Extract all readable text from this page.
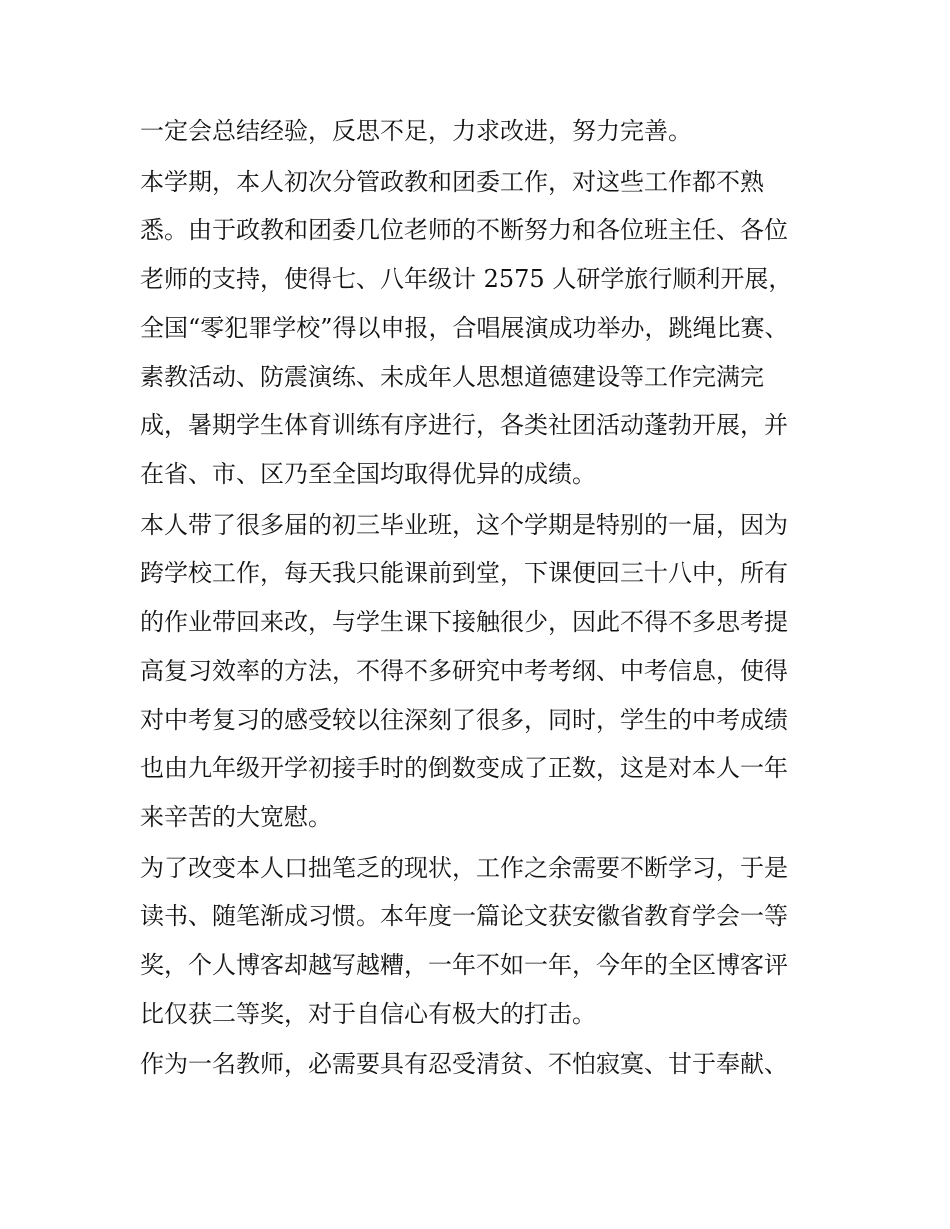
一定会总结经验，反思不足，力求改进，努力完善。
本学期，本人初次分管政教和团委工作，对这些工作都不熟
悉。由于政教和团委几位老师的不断努力和各位班主任、各位
老师的支持，使得七、八年级计 2575 人研学旅行顺利开展，
全国“零犯罪学校”得以申报，合唱展演成功举办，跳绳比赛、
素教活动、防震演练、未成年人思想道德建设等工作完满完
成，暑期学生体育训练有序进行，各类社团活动蓬勃开展，并
在省、市、区乃至全国均取得优异的成绩。
本人带了很多届的初三毕业班，这个学期是特别的一届，因为
跨学校工作，每天我只能课前到堂，下课便回三十八中，所有
的作业带回来改，与学生课下接触很少，因此不得不多思考提
高复习效率的方法，不得不多研究中考考纲、中考信息，使得
对中考复习的感受较以往深刻了很多，同时，学生的中考成绩
也由九年级开学初接手时的倒数变成了正数，这是对本人一年
来辛苦的大宽慰。
为了改变本人口拙笔乏的现状，工作之余需要不断学习，于是
读书、随笔渐成习惯。本年度一篇论文获安徽省教育学会一等
奖，个人博客却越写越糟，一年不如一年，今年的全区博客评
比仅获二等奖，对于自信心有极大的打击。
作为一名教师，必需要具有忍受清贫、不怕寂寞、甘于奉献、
